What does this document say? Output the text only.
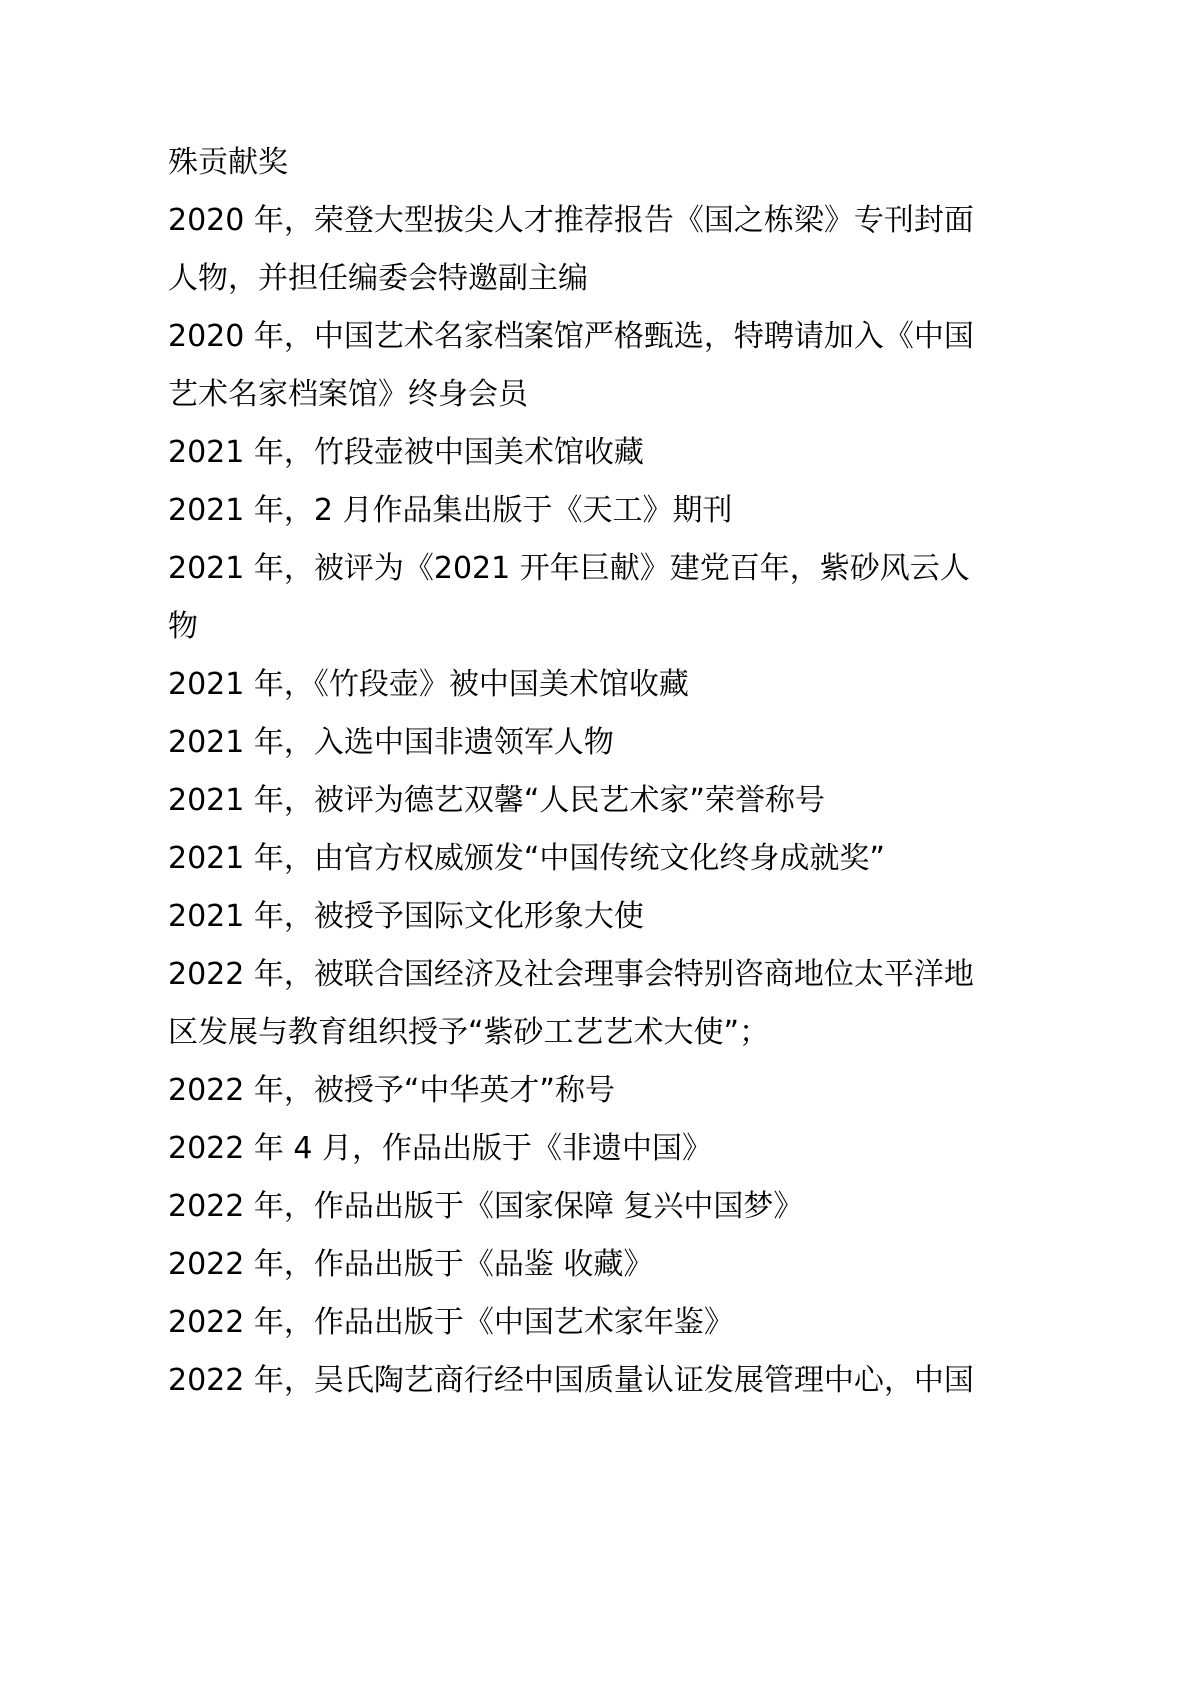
殊贡献奖
2020 年，荣登大型拔尖人才推荐报告《国之栋梁》专刊封面
人物，并担任编委会特邀副主编
2020 年，中国艺术名家档案馆严格甄选，特聘请加入《中国
艺术名家档案馆》终身会员
2021 年，竹段壶被中国美术馆收藏
2021 年，2 月作品集出版于《天工》期刊
2021 年，被评为《2021 开年巨献》建党百年，紫砂风云人
物
2021 年，《竹段壶》被中国美术馆收藏
2021 年，入选中国非遗领军人物
2021 年，被评为德艺双馨“人民艺术家”荣誉称号
2021 年，由官方权威颁发“中国传统文化终身成就奖”
2021 年，被授予国际文化形象大使
2022 年，被联合国经济及社会理事会特别咨商地位太平洋地
区发展与教育组织授予“紫砂工艺艺术大使”；
2022 年，被授予“中华英才”称号
2022 年 4 月，作品出版于《非遗中国》
2022 年，作品出版于《国家保障 复兴中国梦》
2022 年，作品出版于《品鉴 收藏》
2022 年，作品出版于《中国艺术家年鉴》
2022 年，吴氏陶艺商行经中国质量认证发展管理中心，中国
